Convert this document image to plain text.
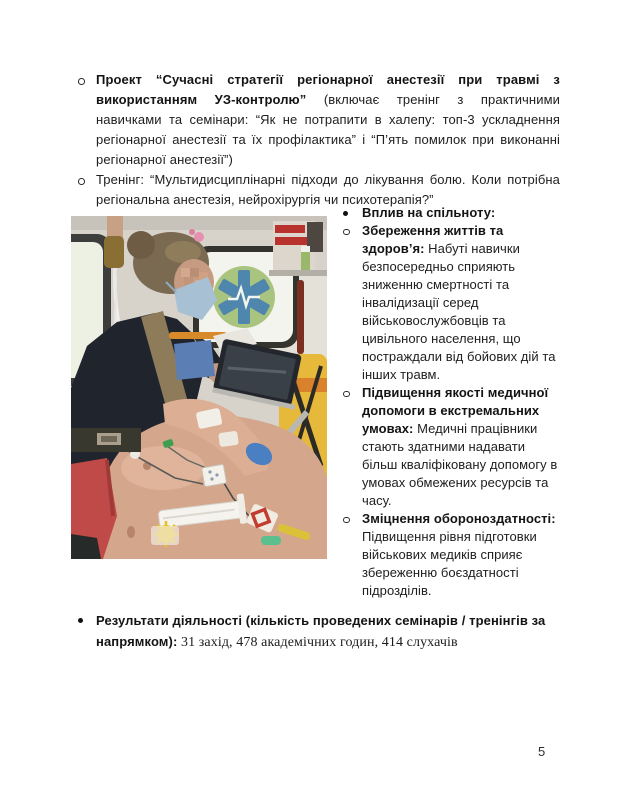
Проект “Сучасні стратегії регіонарної анестезії при травмі з використанням УЗ-контролю” (включає тренінг з практичними навичками та семінари: “Як не потрапити в халепу: топ-3 ускладнення регіонарної анестезії та їх профілактика” і “П’ять помилок при виконанні регіонарної анестезії”)
Тренінг: “Мультидисциплінарні підходи до лікування болю. Коли потрібна регіональна анестезія, нейрохірургія чи психотерапія?”
Вплив на спільноту:
Збереження життів та здоров’я: Набуті навички безпосередньо сприяють зниженню смертності та інвалідизації серед військовослужбовців та цивільного населення, що постраждали від бойових дій та інших травм.
Підвищення якості медичної допомоги в екстремальних умовах: Медичні працівники стають здатними надавати більш кваліфіковану допомогу в умовах обмежених ресурсів та часу.
Зміцнення обороноздатності: Підвищення рівня підготовки військових медиків сприяє збереженню боєздатності підрозділів.
Результати діяльності (кількість проведених семінарів / тренінгів за напрямком): 31 захід, 478 академічних годин, 414 слухачів
5
